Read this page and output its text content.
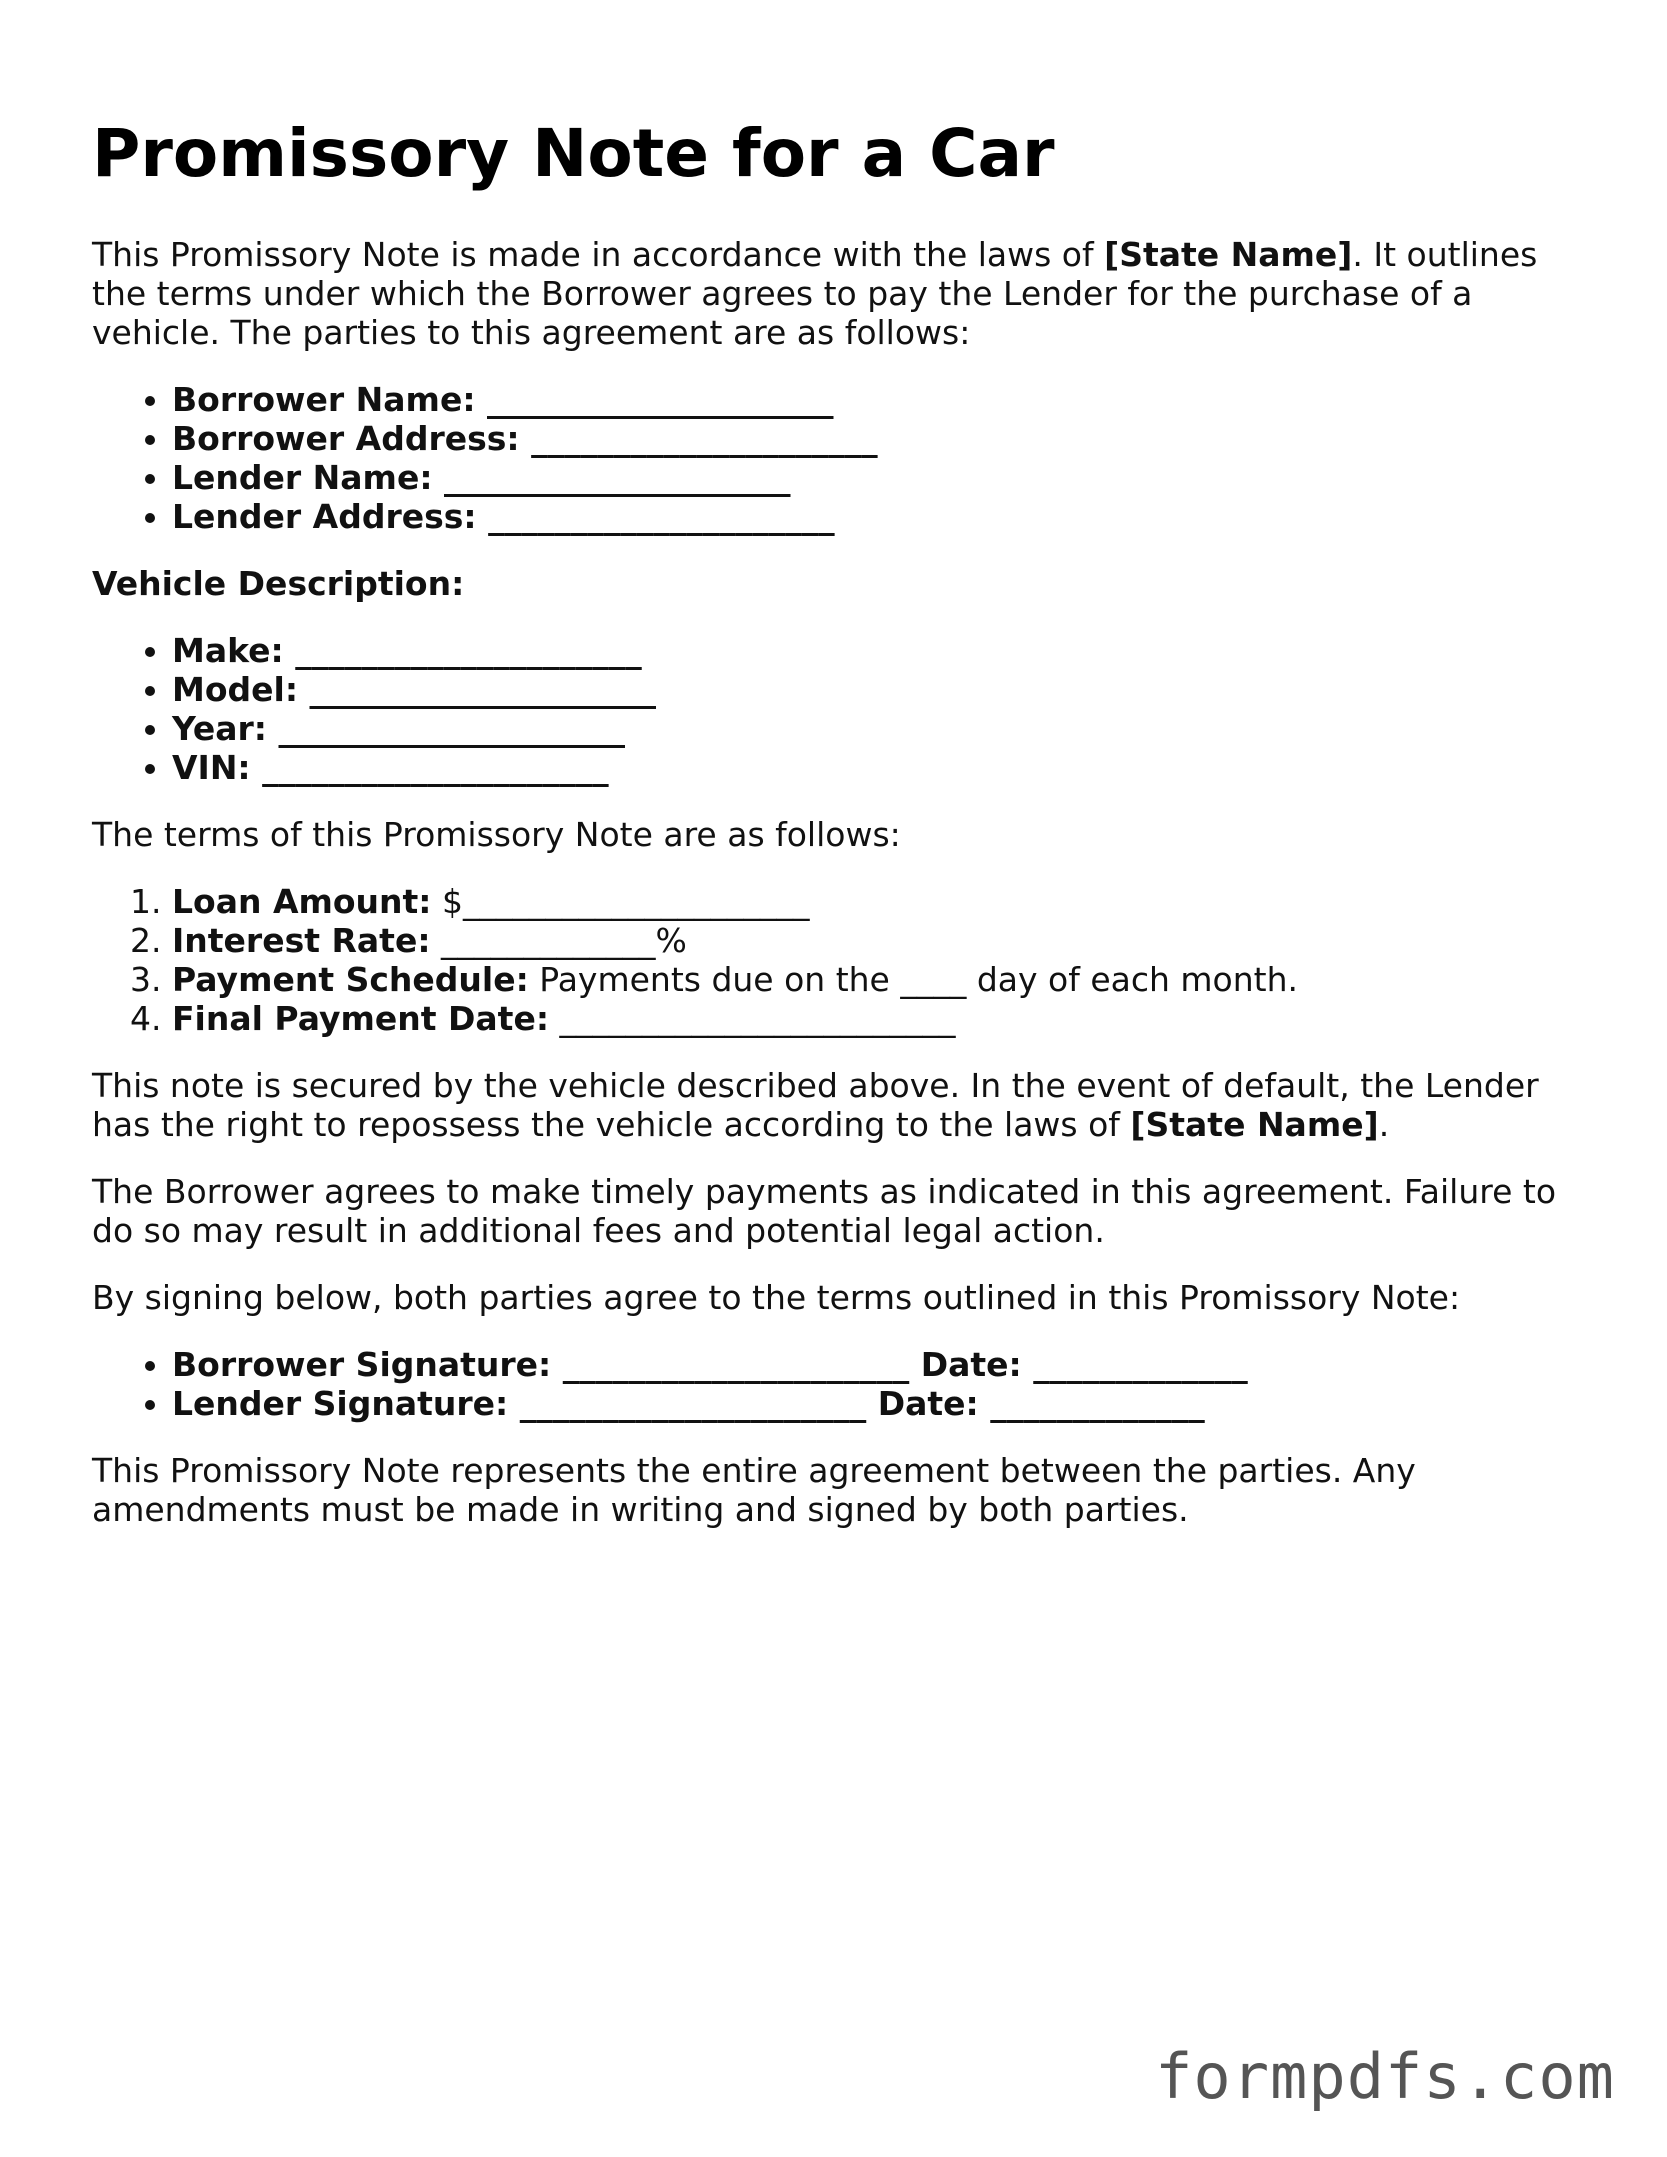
Promissory Note for a Car

This Promissory Note is made in accordance with the laws of [State Name]. It outlines the terms under which the Borrower agrees to pay the Lender for the purchase of a vehicle. The parties to this agreement are as follows:

• Borrower Name: _____________________
• Borrower Address: _____________________
• Lender Name: _____________________
• Lender Address: _____________________
Vehicle Description:
• Make: _____________________
• Model: _____________________
• Year: _____________________
• VIN: _____________________

The terms of this Promissory Note are as follows:

1. Loan Amount: $_____________________
2. Interest Rate: _____________%
3. Payment Schedule: Payments due on the ____ day of each month.
4. Final Payment Date: ________________________

This note is secured by the vehicle described above. In the event of default, the Lender has the right to repossess the vehicle according to the laws of [State Name].

The Borrower agrees to make timely payments as indicated in this agreement. Failure to do so may result in additional fees and potential legal action.

By signing below, both parties agree to the terms outlined in this Promissory Note:

• Borrower Signature: _____________________ Date: _____________
• Lender Signature: _____________________ Date: _____________

This Promissory Note represents the entire agreement between the parties. Any amendments must be made in writing and signed by both parties.

formpdfs.com
